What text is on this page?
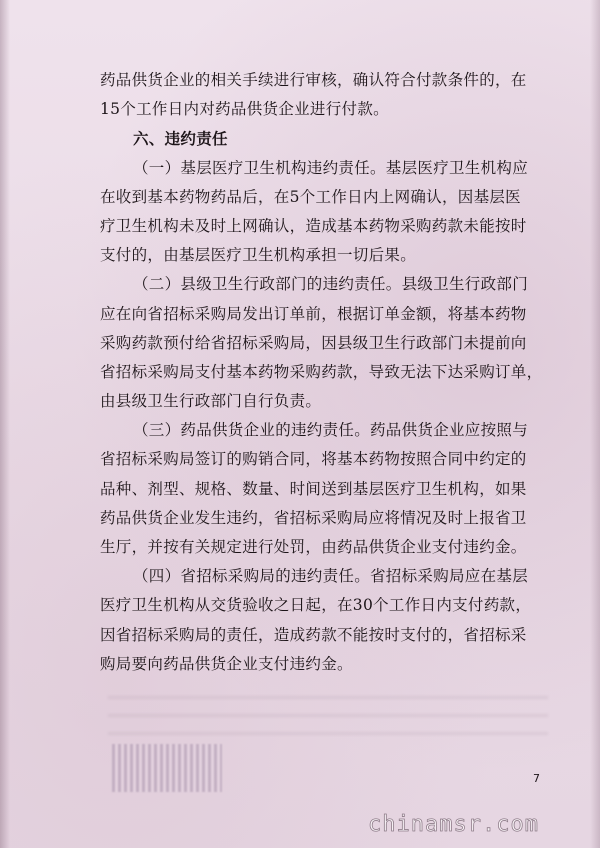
药品供货企业的相关手续进行审核，确认符合付款条件的，在
15个工作日内对药品供货企业进行付款。
六、违约责任
（一）基层医疗卫生机构违约责任。基层医疗卫生机构应
在收到基本药物药品后，在5个工作日内上网确认，因基层医
疗卫生机构未及时上网确认，造成基本药物采购药款未能按时
支付的，由基层医疗卫生机构承担一切后果。
（二）县级卫生行政部门的违约责任。县级卫生行政部门
应在向省招标采购局发出订单前，根据订单金额，将基本药物
采购药款预付给省招标采购局，因县级卫生行政部门未提前向
省招标采购局支付基本药物采购药款，导致无法下达采购订单，
由县级卫生行政部门自行负责。
（三）药品供货企业的违约责任。药品供货企业应按照与
省招标采购局签订的购销合同，将基本药物按照合同中约定的
品种、剂型、规格、数量、时间送到基层医疗卫生机构，如果
药品供货企业发生违约，省招标采购局应将情况及时上报省卫
生厅，并按有关规定进行处罚，由药品供货企业支付违约金。
（四）省招标采购局的违约责任。省招标采购局应在基层
医疗卫生机构从交货验收之日起，在30个工作日内支付药款，
因省招标采购局的责任，造成药款不能按时支付的，省招标采
购局要向药品供货企业支付违约金。
7
chinamsr.com
